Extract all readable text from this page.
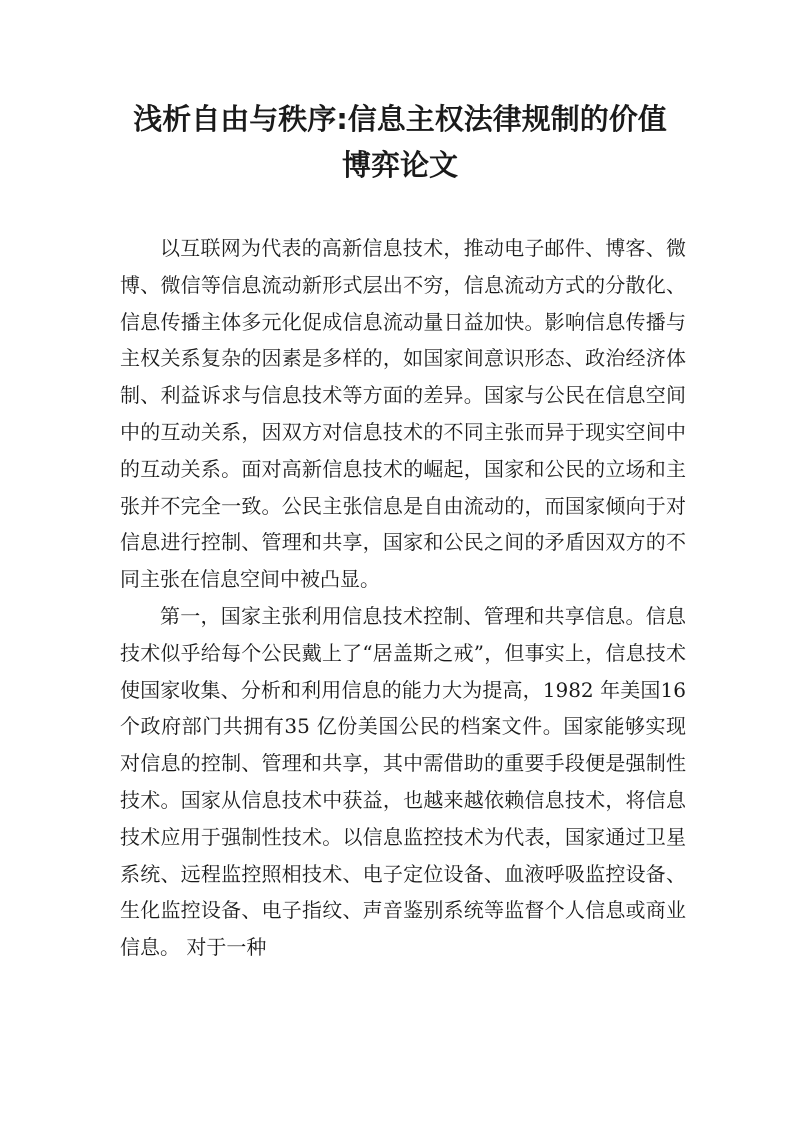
浅析自由与秩序:信息主权法律规制的价值
博弈论文

以互联网为代表的高新信息技术，推动电子邮件、博客、微博、微信等信息流动新形式层出不穷，信息流动方式的分散化、信息传播主体多元化促成信息流动量日益加快。影响信息传播与主权关系复杂的因素是多样的，如国家间意识形态、政治经济体制、利益诉求与信息技术等方面的差异。国家与公民在信息空间中的互动关系，因双方对信息技术的不同主张而异于现实空间中的互动关系。面对高新信息技术的崛起，国家和公民的立场和主张并不完全一致。公民主张信息是自由流动的，而国家倾向于对信息进行控制、管理和共享，国家和公民之间的矛盾因双方的不同主张在信息空间中被凸显。

第一，国家主张利用信息技术控制、管理和共享信息。信息技术似乎给每个公民戴上了“居盖斯之戒”，但事实上，信息技术使国家收集、分析和利用信息的能力大为提高，1982 年美国16 个政府部门共拥有35 亿份美国公民的档案文件。国家能够实现对信息的控制、管理和共享，其中需借助的重要手段便是强制性技术。国家从信息技术中获益，也越来越依赖信息技术，将信息技术应用于强制性技术。以信息监控技术为代表，国家通过卫星系统、远程监控照相技术、电子定位设备、血液呼吸监控设备、生化监控设备、电子指纹、声音鉴别系统等监督个人信息或商业信息。 对于一种
